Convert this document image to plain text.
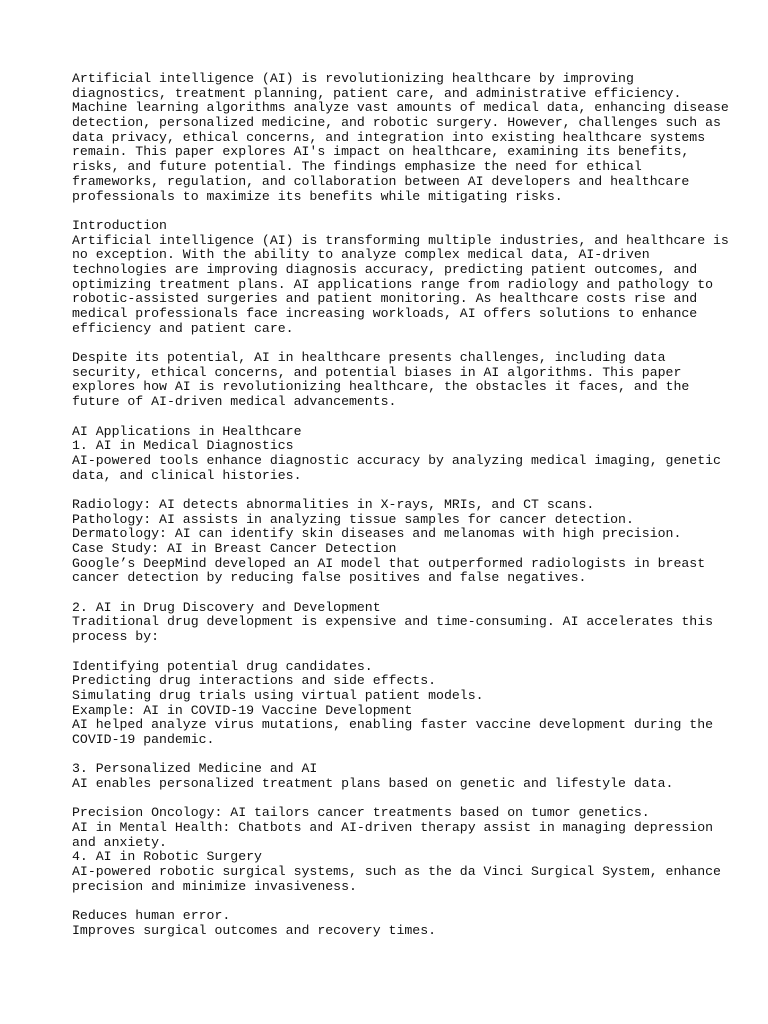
Artificial intelligence (AI) is revolutionizing healthcare by improving
diagnostics, treatment planning, patient care, and administrative efficiency.
Machine learning algorithms analyze vast amounts of medical data, enhancing disease
detection, personalized medicine, and robotic surgery. However, challenges such as
data privacy, ethical concerns, and integration into existing healthcare systems
remain. This paper explores AI's impact on healthcare, examining its benefits,
risks, and future potential. The findings emphasize the need for ethical
frameworks, regulation, and collaboration between AI developers and healthcare
professionals to maximize its benefits while mitigating risks.
Introduction
Artificial intelligence (AI) is transforming multiple industries, and healthcare is
no exception. With the ability to analyze complex medical data, AI-driven
technologies are improving diagnosis accuracy, predicting patient outcomes, and
optimizing treatment plans. AI applications range from radiology and pathology to
robotic-assisted surgeries and patient monitoring. As healthcare costs rise and
medical professionals face increasing workloads, AI offers solutions to enhance
efficiency and patient care.
Despite its potential, AI in healthcare presents challenges, including data
security, ethical concerns, and potential biases in AI algorithms. This paper
explores how AI is revolutionizing healthcare, the obstacles it faces, and the
future of AI-driven medical advancements.
AI Applications in Healthcare
1. AI in Medical Diagnostics
AI-powered tools enhance diagnostic accuracy by analyzing medical imaging, genetic
data, and clinical histories.
Radiology: AI detects abnormalities in X-rays, MRIs, and CT scans.
Pathology: AI assists in analyzing tissue samples for cancer detection.
Dermatology: AI can identify skin diseases and melanomas with high precision.
Case Study: AI in Breast Cancer Detection
Google’s DeepMind developed an AI model that outperformed radiologists in breast
cancer detection by reducing false positives and false negatives.
2. AI in Drug Discovery and Development
Traditional drug development is expensive and time-consuming. AI accelerates this
process by:
Identifying potential drug candidates.
Predicting drug interactions and side effects.
Simulating drug trials using virtual patient models.
Example: AI in COVID-19 Vaccine Development
AI helped analyze virus mutations, enabling faster vaccine development during the
COVID-19 pandemic.
3. Personalized Medicine and AI
AI enables personalized treatment plans based on genetic and lifestyle data.
Precision Oncology: AI tailors cancer treatments based on tumor genetics.
AI in Mental Health: Chatbots and AI-driven therapy assist in managing depression
and anxiety.
4. AI in Robotic Surgery
AI-powered robotic surgical systems, such as the da Vinci Surgical System, enhance
precision and minimize invasiveness.
Reduces human error.
Improves surgical outcomes and recovery times.
